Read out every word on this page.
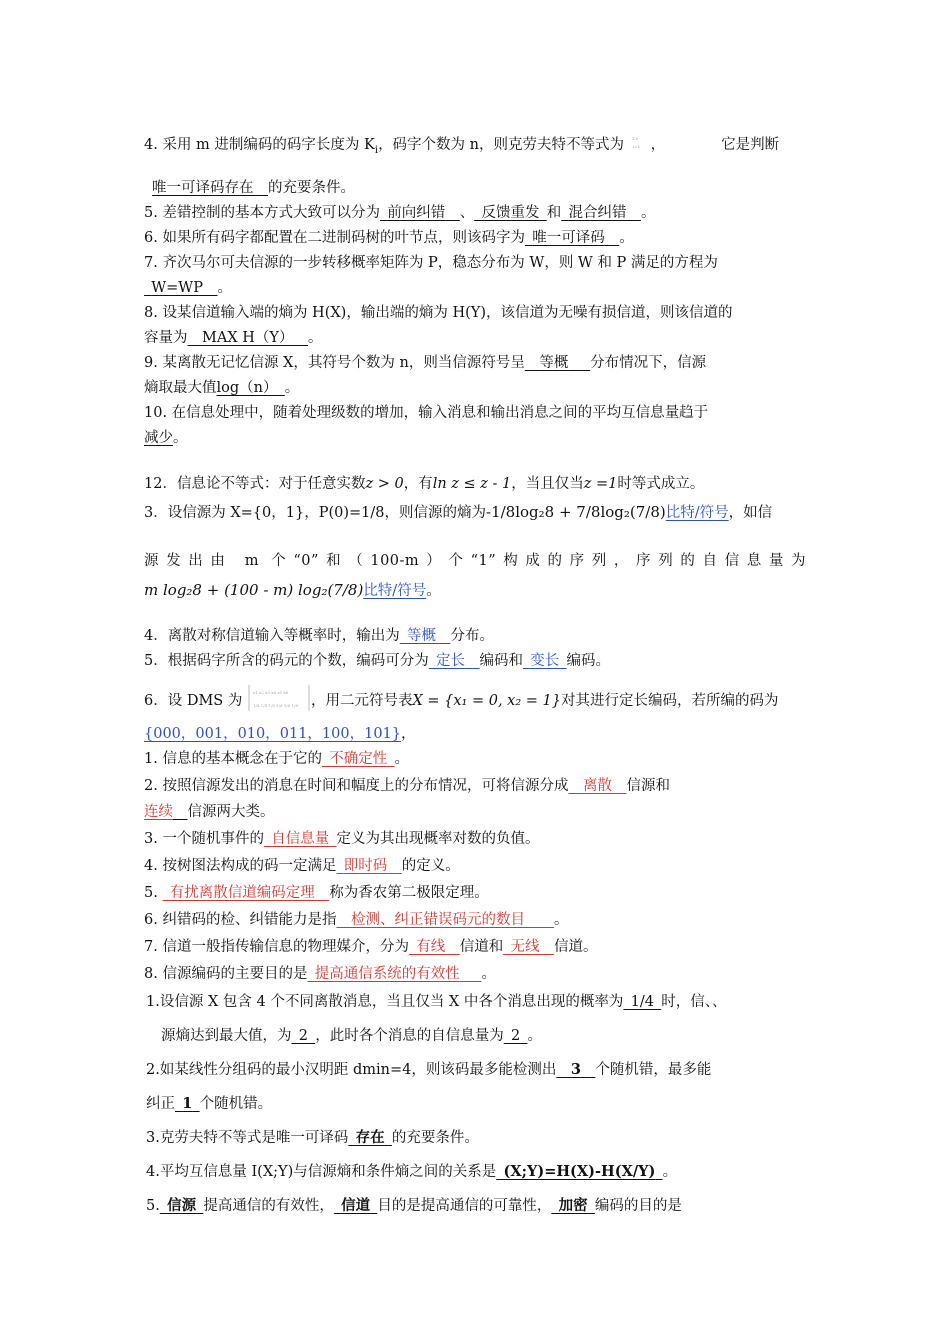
4. 采用 m 进制编码的码字长度为 $K_i$，码字个数为 n，则克劳夫特不等式为 Σ r
i=1 ，	它是判断
唯一可译码存在  的充要条件。
5. 差错控制的基本方式大致可以分为  前向纠错  、  反馈重发  和  混合纠错  。
6. 如果所有码字都配置在二进制码树的叶节点，则该码字为  唯一可译码  。
7. 齐次马尔可夫信源的一步转移概率矩阵为 P，稳态分布为 W，则 W 和 P 满足的方程为
 W=WP  。
8. 设某信道输入端的熵为 H(X)，输出端的熵为 H(Y)，该信道为无噪有损信道，则该信道的
容量为  MAX H（Y）  。
9. 某离散无记忆信源 X，其符号个数为 n，则当信源符号呈  等概   分布情况下，信源
熵取最大值log（n）  。
10. 在信息处理中，随着处理级数的增加，输入消息和输出消息之间的平均互信息量趋于
减少。
12．信息论不等式：对于任意实数z > 0，有ln z ≤ z - 1，当且仅当z =1时等式成立。
3．设信源为 X={0，1}，P(0)=1/8，则信源的熵为-1/8log₂8 + 7/8log₂(7/8)比特/符号，如信
源发出由 m 个“0”和（100-m）个“1”构成的序列，序列的自信息量为
m log₂8 + (100 - m) log₂(7/8)比特/符号。
4．离散对称信道输入等概率时，输出为  等概  分布。
5．根据码字所含的码元的个数，编码可分为  定长  编码和  变长  编码。
6．设 DMS 为
x1 x2 x3 x4 x5 x6
1/4 1/4 1/8 1/8 1/8 1/8 ，用二元符号表X = {x₁ = 0, x₂ = 1}对其进行定长编码，若所编的码为
{000，001，010，011，100，101}，
1. 信息的基本概念在于它的  不确定性  。
2. 按照信源发出的消息在时间和幅度上的分布情况，可将信源分成  离散  信源和
连续  信源两大类。
3. 一个随机事件的  自信息量  定义为其出现概率对数的负值。
4. 按树图法构成的码一定满足  即时码  的定义。
5.  有扰离散信道编码定理  称为香农第二极限定理。
6. 纠错码的检、纠错能力是指  检测、纠正错误码元的数目   。
7. 信道一般指传输信息的物理媒介，分为  有线  信道和  无线  信道。
8. 信源编码的主要目的是  提高通信系统的有效性   。
1.设信源 X 包含 4 个不同离散消息，当且仅当 X 中各个消息出现的概率为  1/4  时，信、、
源熵达到最大值，为  2  ，此时各个消息的自信息量为  2  。
2.如某线性分组码的最小汉明距 dmin=4，则该码最多能检测出  3  个随机错，最多能
纠正  1  个随机错。
3.克劳夫特不等式是唯一可译码  存在  的充要条件。
4.平均互信息量 I(X;Y)与信源熵和条件熵之间的关系是  (X;Y)=H(X)-H(X/Y)  。
5.  信源  提高通信的有效性，  信道  目的是提高通信的可靠性，  加密  编码的目的是
